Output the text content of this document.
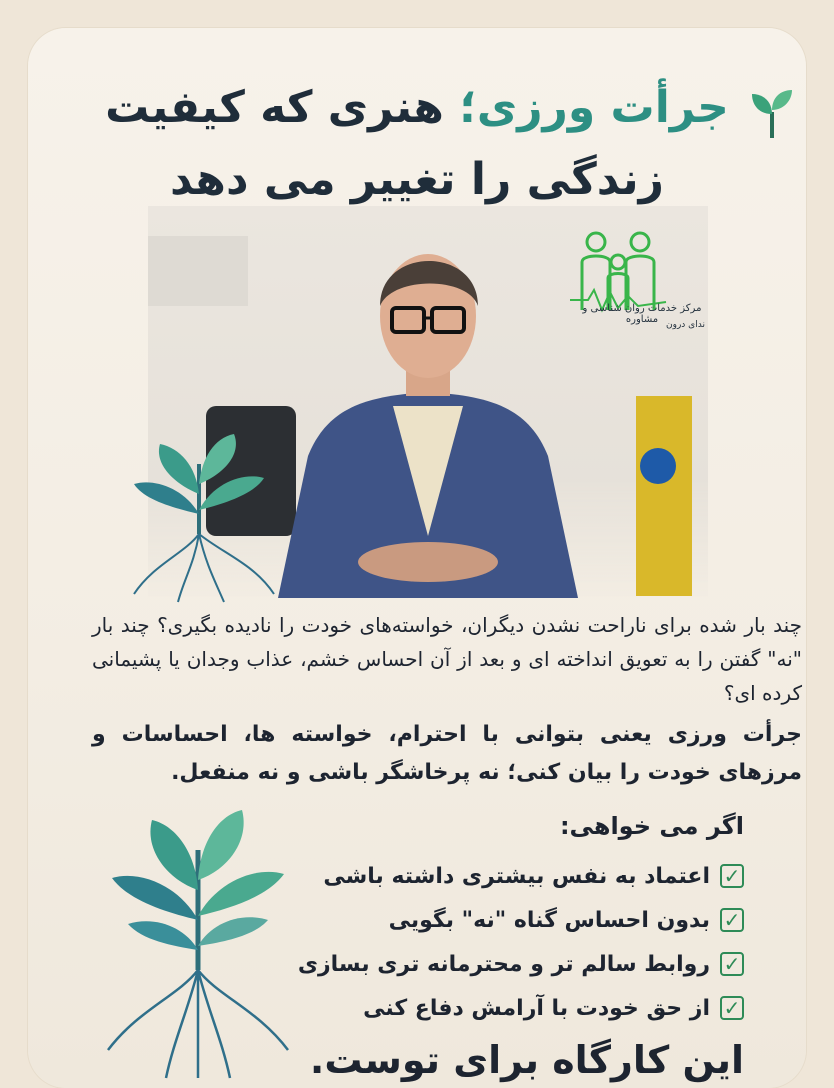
جرأت ورزی؛ هنری که کیفیت
زندگی را تغییر می دهد
مرکز خدمات روان شناسی و مشاوره ندای درون
چند بار شده برای ناراحت نشدن دیگران، خواسته‌های خودت را نادیده بگیری؟ چند بار "نه" گفتن را به تعویق انداخته ای و بعد از آن احساس خشم، عذاب وجدان یا پشیمانی کرده ای؟
جرأت ورزی یعنی بتوانی با احترام، خواسته ها، احساسات و مرزهای خودت را بیان کنی؛ نه پرخاشگر باشی و نه منفعل.
اگر می خواهی:
✓
اعتماد به نفس بیشتری داشته باشی
✓
بدون احساس گناه "نه" بگویی
✓
روابط سالم تر و محترمانه تری بسازی
✓
از حق خودت با آرامش دفاع کنی
این کارگاه برای توست.
